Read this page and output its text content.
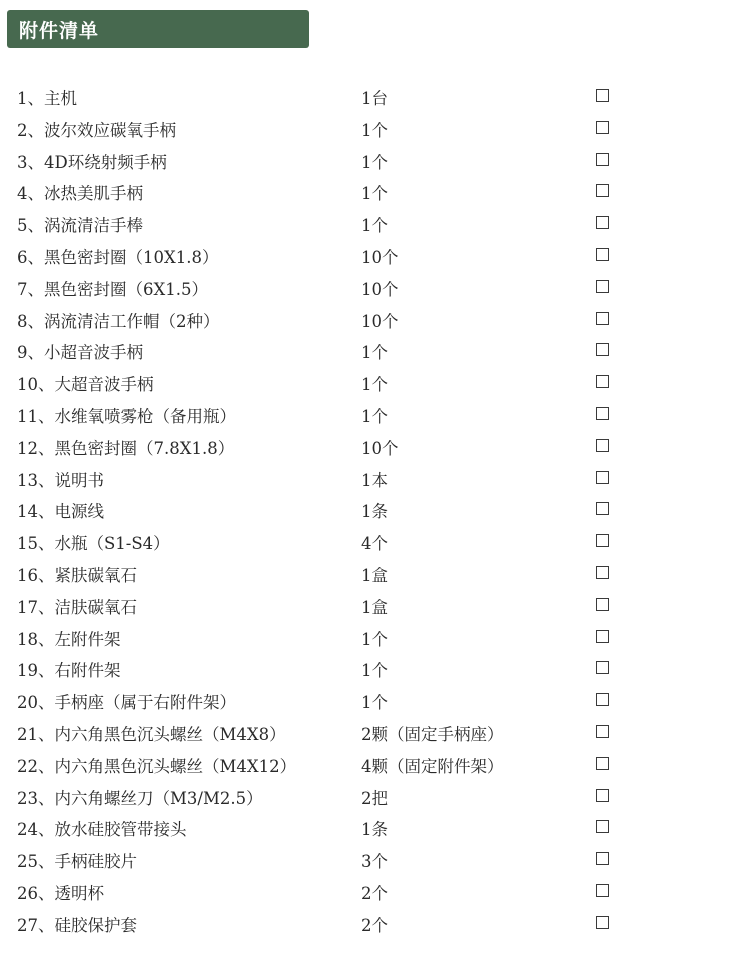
附件清单
1、主机	1台
2、波尔效应碳氧手柄	1个
3、4D环绕射频手柄	1个
4、冰热美肌手柄	1个
5、涡流清洁手棒	1个
6、黑色密封圈（10X1.8）	10个
7、黑色密封圈（6X1.5）	10个
8、涡流清洁工作帽（2种）	10个
9、小超音波手柄	1个
10、大超音波手柄	1个
11、水维氧喷雾枪（备用瓶）	1个
12、黑色密封圈（7.8X1.8）	10个
13、说明书	1本
14、电源线	1条
15、水瓶（S1-S4）	4个
16、紧肤碳氧石	1盒
17、洁肤碳氧石	1盒
18、左附件架	1个
19、右附件架	1个
20、手柄座（属于右附件架）	1个
21、内六角黑色沉头螺丝（M4X8）	2颗（固定手柄座）
22、内六角黑色沉头螺丝（M4X12）	4颗（固定附件架）
23、内六角螺丝刀（M3/M2.5）	2把
24、放水硅胶管带接头	1条
25、手柄硅胶片	3个
26、透明杯	2个
27、硅胶保护套	2个
